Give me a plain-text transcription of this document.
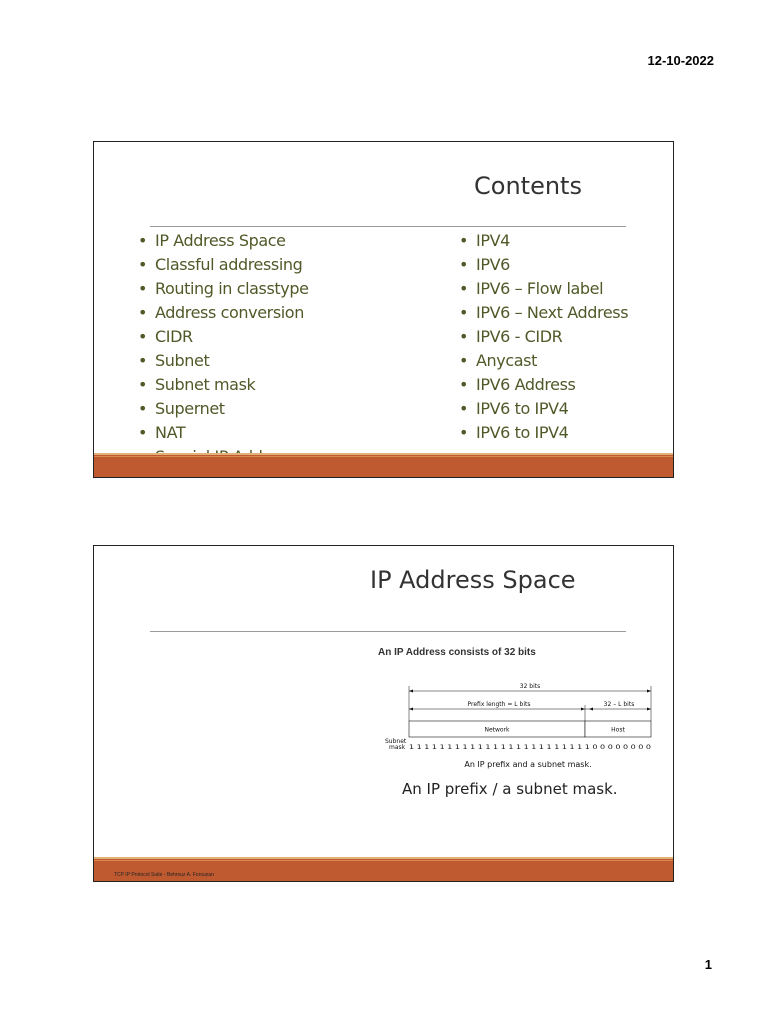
12-10-2022
Contents
• IP Address Space
• Classful addressing
• Routing in classtype
• Address conversion
• CIDR
• Subnet
• Subnet mask
• Supernet
• NAT
• IPV4
• IPV6
• IPV6 – Flow label
• IPV6 – Next Address
• IPV6 - CIDR
• Anycast
• IPV6 Address
• IPV6 to IPV4
• IPV6 to IPV4
IP Address Space
An IP Address consists of 32 bits
32 bits
Prefix length = L bits	32 – L bits
Network	Host
Subnet
mask 1 1 1 1 1 1 1 1 1 1 1 1 1 1 1 1 1 1 1 1 1 1 1 1 0 0 0 0 0 0 0 0
An IP prefix and a subnet mask.
An IP prefix / a subnet mask.
TCP IP Protocol Suite - Behrouz A. Forouzan
1
